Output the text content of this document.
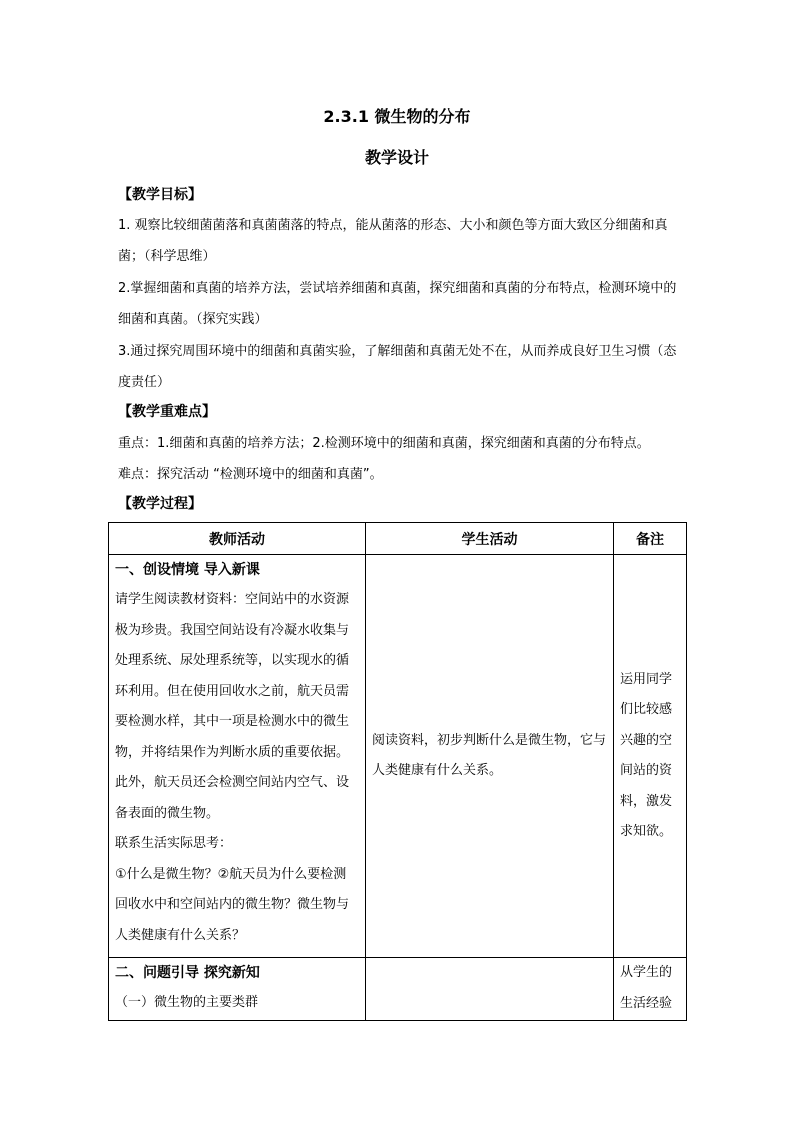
2.3.1 微生物的分布
教学设计
【教学目标】
1. 观察比较细菌菌落和真菌菌落的特点，能从菌落的形态、大小和颜色等方面大致区分细菌和真菌；（科学思维）
2.掌握细菌和真菌的培养方法，尝试培养细菌和真菌，探究细菌和真菌的分布特点，检测环境中的细菌和真菌。（探究实践）
3.通过探究周围环境中的细菌和真菌实验，了解细菌和真菌无处不在，从而养成良好卫生习惯（态度责任）
【教学重难点】
重点：1.细菌和真菌的培养方法；2.检测环境中的细菌和真菌，探究细菌和真菌的分布特点。
难点：探究活动 “检测环境中的细菌和真菌”。
【教学过程】
教师活动	学生活动	备注

一、创设情境 导入新课
请学生阅读教材资料：空间站中的水资源极为珍贵。我国空间站设有冷凝水收集与处理系统、尿处理系统等，以实现水的循环利用。但在使用回收水之前，航天员需要检测水样，其中一项是检测水中的微生物，并将结果作为判断水质的重要依据。此外，航天员还会检测空间站内空气、设备表面的微生物。
联系生活实际思考：
①什么是微生物？②航天员为什么要检测回收水中和空间站内的微生物？微生物与人类健康有什么关系？	阅读资料，初步判断什么是微生物，它与人类健康有什么关系。	运用同学们比较感兴趣的空间站的资料，激发求知欲。

二、问题引导 探究新知
（一）微生物的主要类群		从学生的生活经验
